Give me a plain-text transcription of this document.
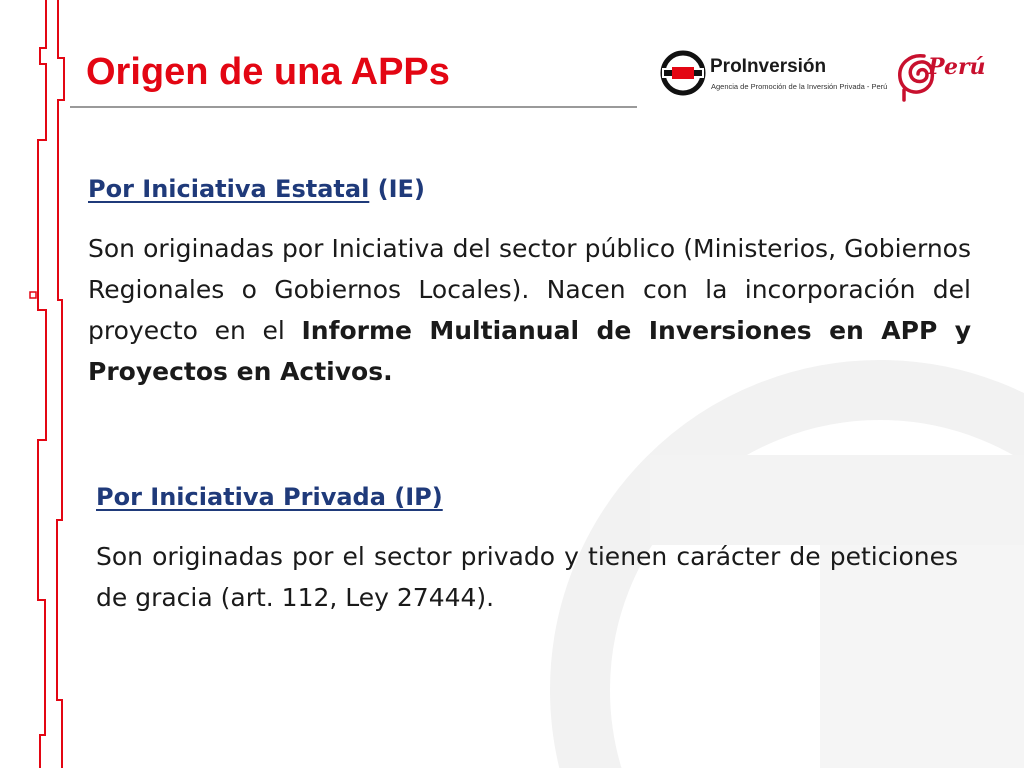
Origen de una APPs	ProInversión
Agencia de Promoción de la Inversión Privada - Perú
Perú
Por Iniciativa Estatal (IE)

Son originadas por Iniciativa del sector público (Ministerios, Gobiernos Regionales o Gobiernos Locales). Nacen con la incorporación del proyecto en el Informe Multianual de Inversiones en APP y Proyectos en Activos.

Por Iniciativa Privada (IP)

Son originadas por el sector privado y tienen carácter de peticiones de gracia (art. 112, Ley 27444).
